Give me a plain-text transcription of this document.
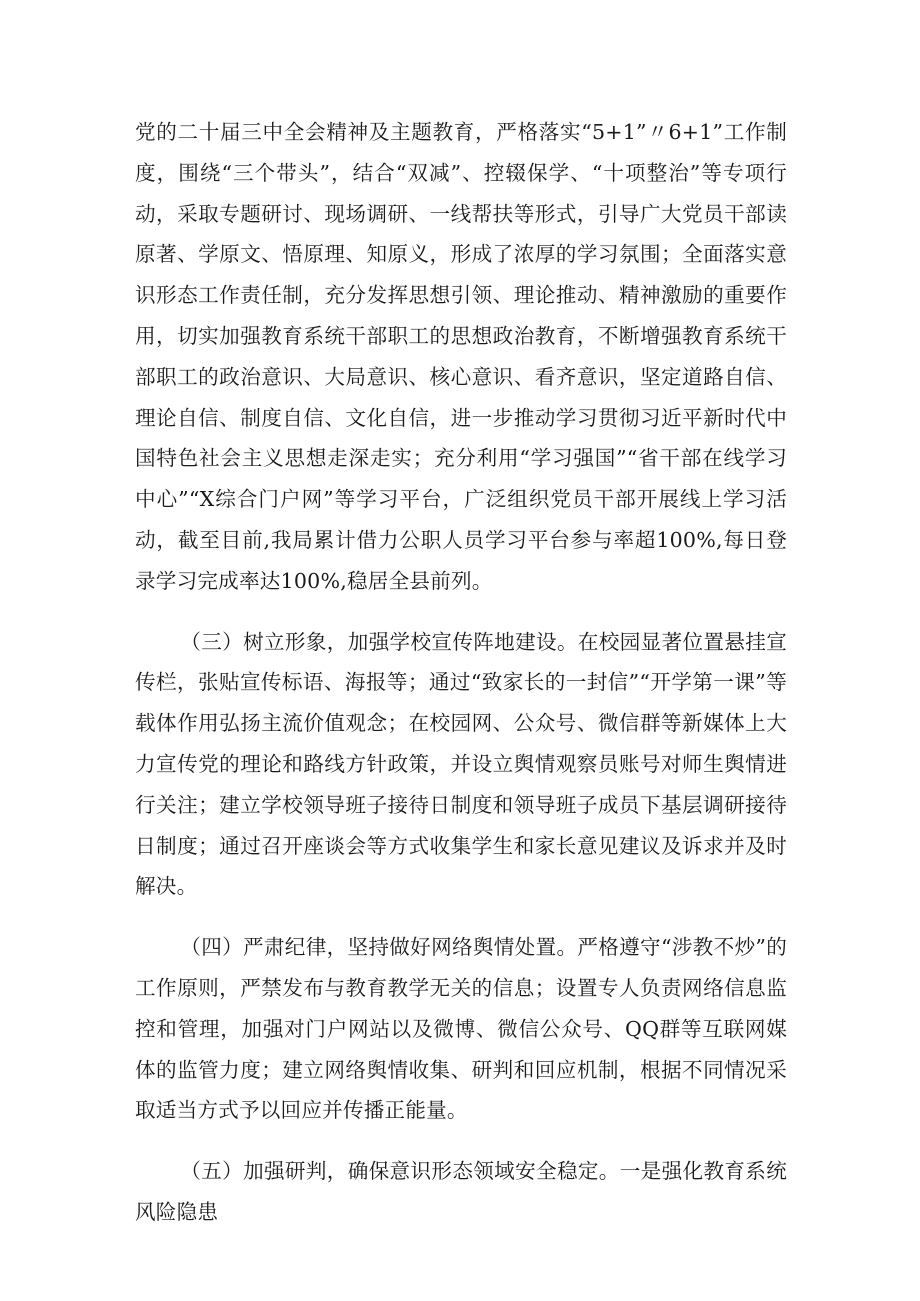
党的二十届三中全会精神及主题教育，严格落实“5+1”〃6+1”工作制度，围绕“三个带头”，结合“双减”、控辍保学、“十项整治”等专项行动，采取专题研讨、现场调研、一线帮扶等形式，引导广大党员干部读原著、学原文、悟原理、知原义，形成了浓厚的学习氛围；全面落实意识形态工作责任制，充分发挥思想引领、理论推动、精神激励的重要作用，切实加强教育系统干部职工的思想政治教育，不断增强教育系统干部职工的政治意识、大局意识、核心意识、看齐意识，坚定道路自信、理论自信、制度自信、文化自信，进一步推动学习贯彻习近平新时代中国特色社会主义思想走深走实；充分利用“学习强国”“省干部在线学习中心”“X综合门户网”等学习平台，广泛组织党员干部开展线上学习活动，截至目前,我局累计借力公职人员学习平台参与率超100%,每日登录学习完成率达100%,稳居全县前列。

（三）树立形象，加强学校宣传阵地建设。在校园显著位置悬挂宣传栏，张贴宣传标语、海报等；通过“致家长的一封信”“开学第一课”等载体作用弘扬主流价值观念；在校园网、公众号、微信群等新媒体上大力宣传党的理论和路线方针政策，并设立舆情观察员账号对师生舆情进行关注；建立学校领导班子接待日制度和领导班子成员下基层调研接待日制度；通过召开座谈会等方式收集学生和家长意见建议及诉求并及时解决。

（四）严肃纪律，坚持做好网络舆情处置。严格遵守“涉教不炒”的工作原则，严禁发布与教育教学无关的信息；设置专人负责网络信息监控和管理，加强对门户网站以及微博、微信公众号、QQ群等互联网媒体的监管力度；建立网络舆情收集、研判和回应机制，根据不同情况采取适当方式予以回应并传播正能量。

（五）加强研判，确保意识形态领域安全稳定。一是强化教育系统风险隐患
